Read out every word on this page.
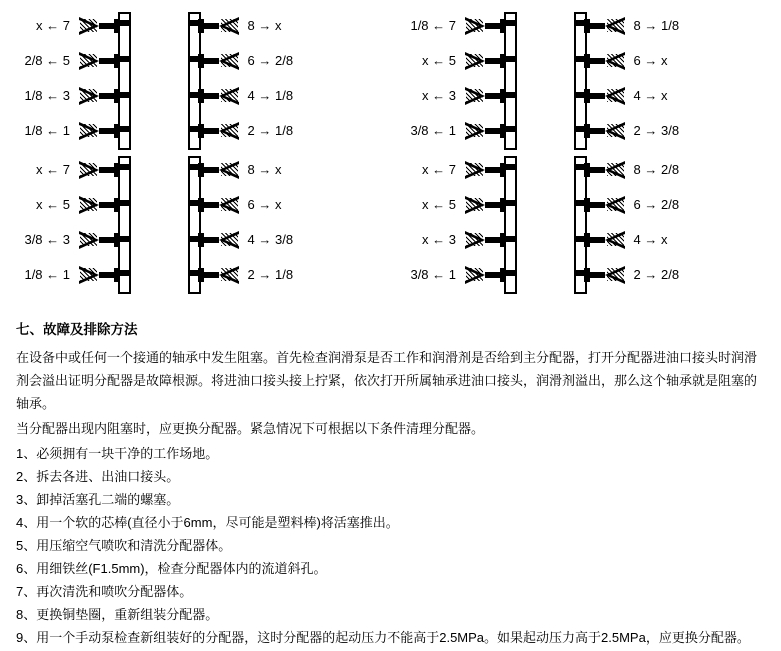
x ← 7
2/8 ← 5
1/8 ← 3
1/8 ← 1
8 → x
6 → 2/8
4 → 1/8
2 → 1/8
1/8 ← 7
x ← 5
x ← 3
3/8 ← 1
8 → 1/8
6 → x
4 → x
2 → 3/8
x ← 7
x ← 5
3/8 ← 3
1/8 ← 1
8 → x
6 → x
4 → 3/8
2 → 1/8
x ← 7
x ← 5
x ← 3
3/8 ← 1
8 → 2/8
6 → 2/8
4 → x
2 → 2/8
七、故障及排除方法

在设备中或任何一个接通的轴承中发生阻塞。首先检查润滑泵是否工作和润滑剂是否给到主分配器，打开分配器进油口接头时润滑剂会溢出证明分配器是故障根源。将进油口接头接上拧紧，依次打开所属轴承进油口接头，润滑剂溢出，那么这个轴承就是阻塞的轴承。

当分配器出现内阻塞时，应更换分配器。紧急情况下可根据以下条件清理分配器。

1、必须拥有一块干净的工作场地。

2、拆去各进、出油口接头。

3、卸掉活塞孔二端的螺塞。

4、用一个软的芯棒(直径小于6mm，尽可能是塑料棒)将活塞推出。

5、用压缩空气喷吹和清洗分配器体。

6、用细铁丝(F1.5mm)，检查分配器体内的流道斜孔。

7、再次清洗和喷吹分配器体。

8、更换铜垫圈，重新组装分配器。

9、用一个手动泵检查新组装好的分配器，这时分配器的起动压力不能高于2.5MPa。如果起动压力高于2.5MPa，应更换分配器。
